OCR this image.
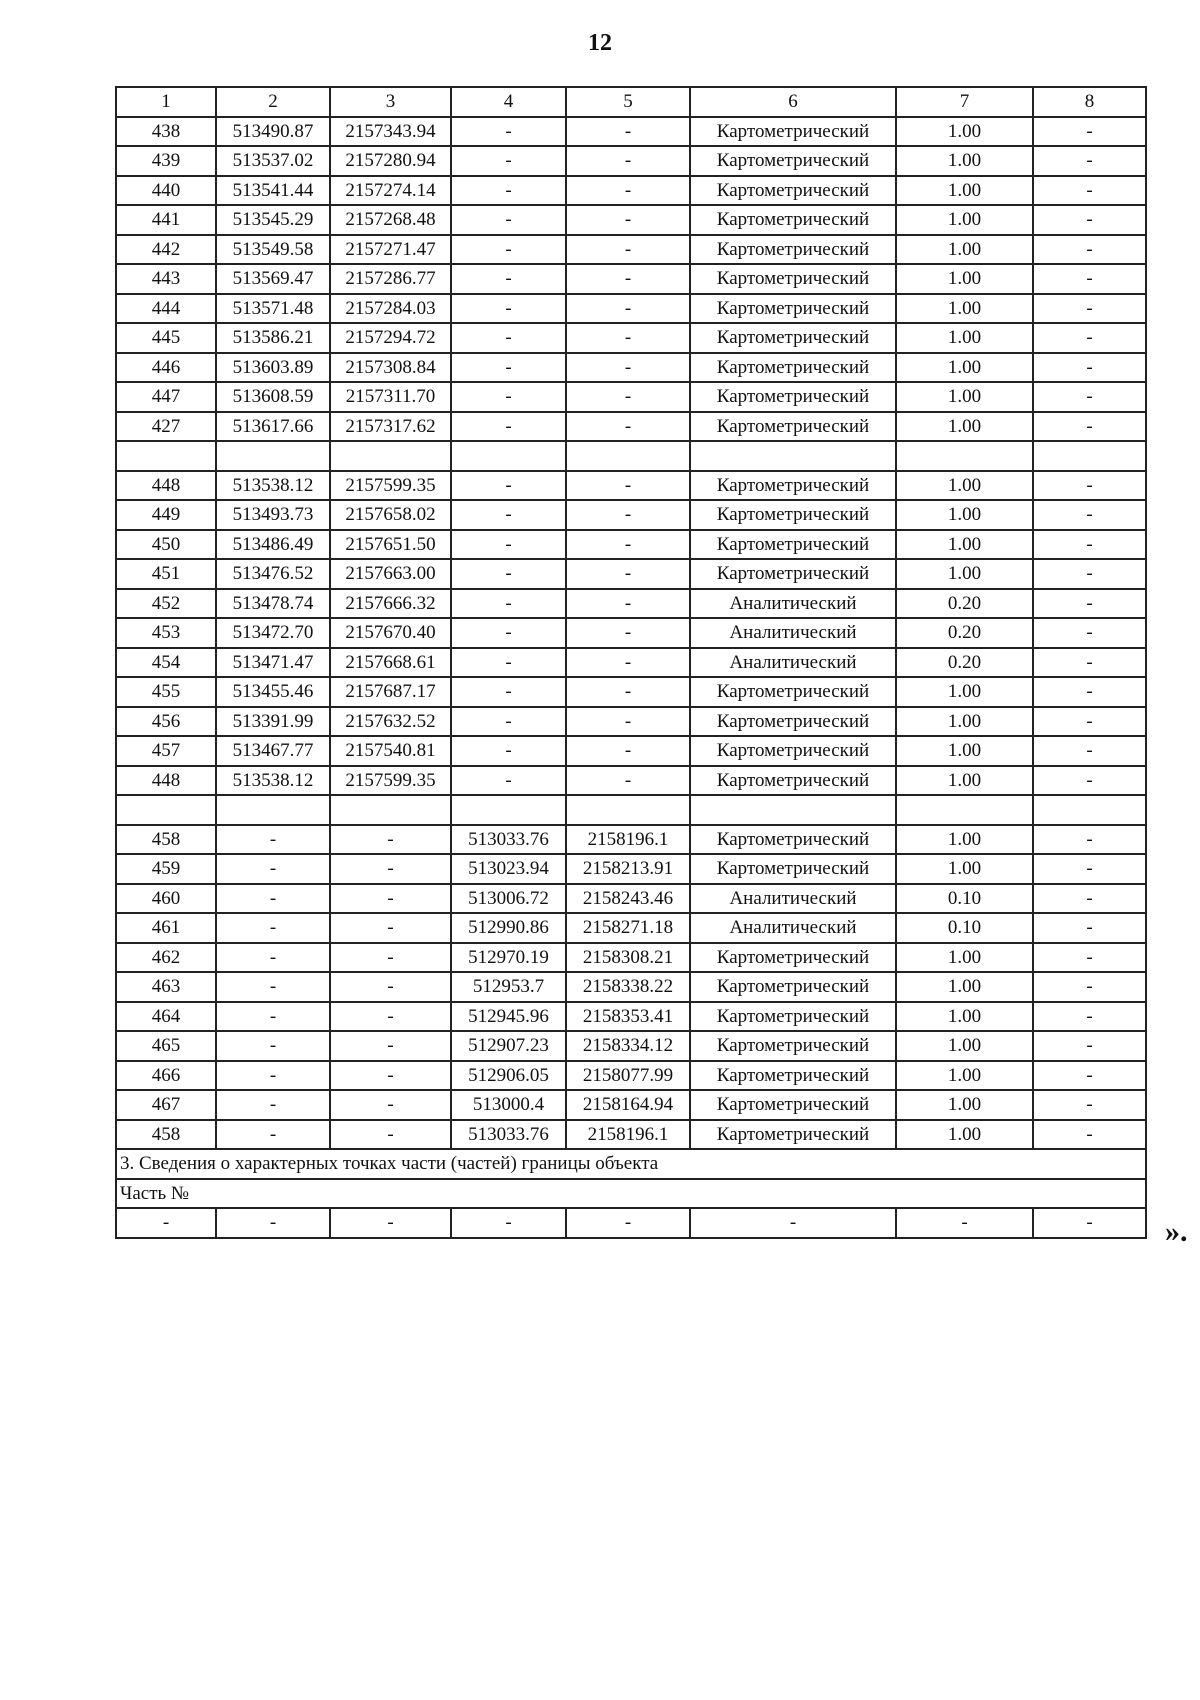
12
1	2	3	4	5	6	7	8
438	513490.87	2157343.94	-	-	Картометрический	1.00	-
439	513537.02	2157280.94	-	-	Картометрический	1.00	-
440	513541.44	2157274.14	-	-	Картометрический	1.00	-
441	513545.29	2157268.48	-	-	Картометрический	1.00	-
442	513549.58	2157271.47	-	-	Картометрический	1.00	-
443	513569.47	2157286.77	-	-	Картометрический	1.00	-
444	513571.48	2157284.03	-	-	Картометрический	1.00	-
445	513586.21	2157294.72	-	-	Картометрический	1.00	-
446	513603.89	2157308.84	-	-	Картометрический	1.00	-
447	513608.59	2157311.70	-	-	Картометрический	1.00	-
427	513617.66	2157317.62	-	-	Картометрический	1.00	-

448	513538.12	2157599.35	-	-	Картометрический	1.00	-
449	513493.73	2157658.02	-	-	Картометрический	1.00	-
450	513486.49	2157651.50	-	-	Картометрический	1.00	-
451	513476.52	2157663.00	-	-	Картометрический	1.00	-
452	513478.74	2157666.32	-	-	Аналитический	0.20	-
453	513472.70	2157670.40	-	-	Аналитический	0.20	-
454	513471.47	2157668.61	-	-	Аналитический	0.20	-
455	513455.46	2157687.17	-	-	Картометрический	1.00	-
456	513391.99	2157632.52	-	-	Картометрический	1.00	-
457	513467.77	2157540.81	-	-	Картометрический	1.00	-
448	513538.12	2157599.35	-	-	Картометрический	1.00	-

458	-	-	513033.76	2158196.1	Картометрический	1.00	-
459	-	-	513023.94	2158213.91	Картометрический	1.00	-
460	-	-	513006.72	2158243.46	Аналитический	0.10	-
461	-	-	512990.86	2158271.18	Аналитический	0.10	-
462	-	-	512970.19	2158308.21	Картометрический	1.00	-
463	-	-	512953.7	2158338.22	Картометрический	1.00	-
464	-	-	512945.96	2158353.41	Картометрический	1.00	-
465	-	-	512907.23	2158334.12	Картометрический	1.00	-
466	-	-	512906.05	2158077.99	Картометрический	1.00	-
467	-	-	513000.4	2158164.94	Картометрический	1.00	-
458	-	-	513033.76	2158196.1	Картометрический	1.00	-
3. Сведения о характерных точках части (частей) границы объекта							
Часть №							
-	-	-	-	-	-	-	- ».
